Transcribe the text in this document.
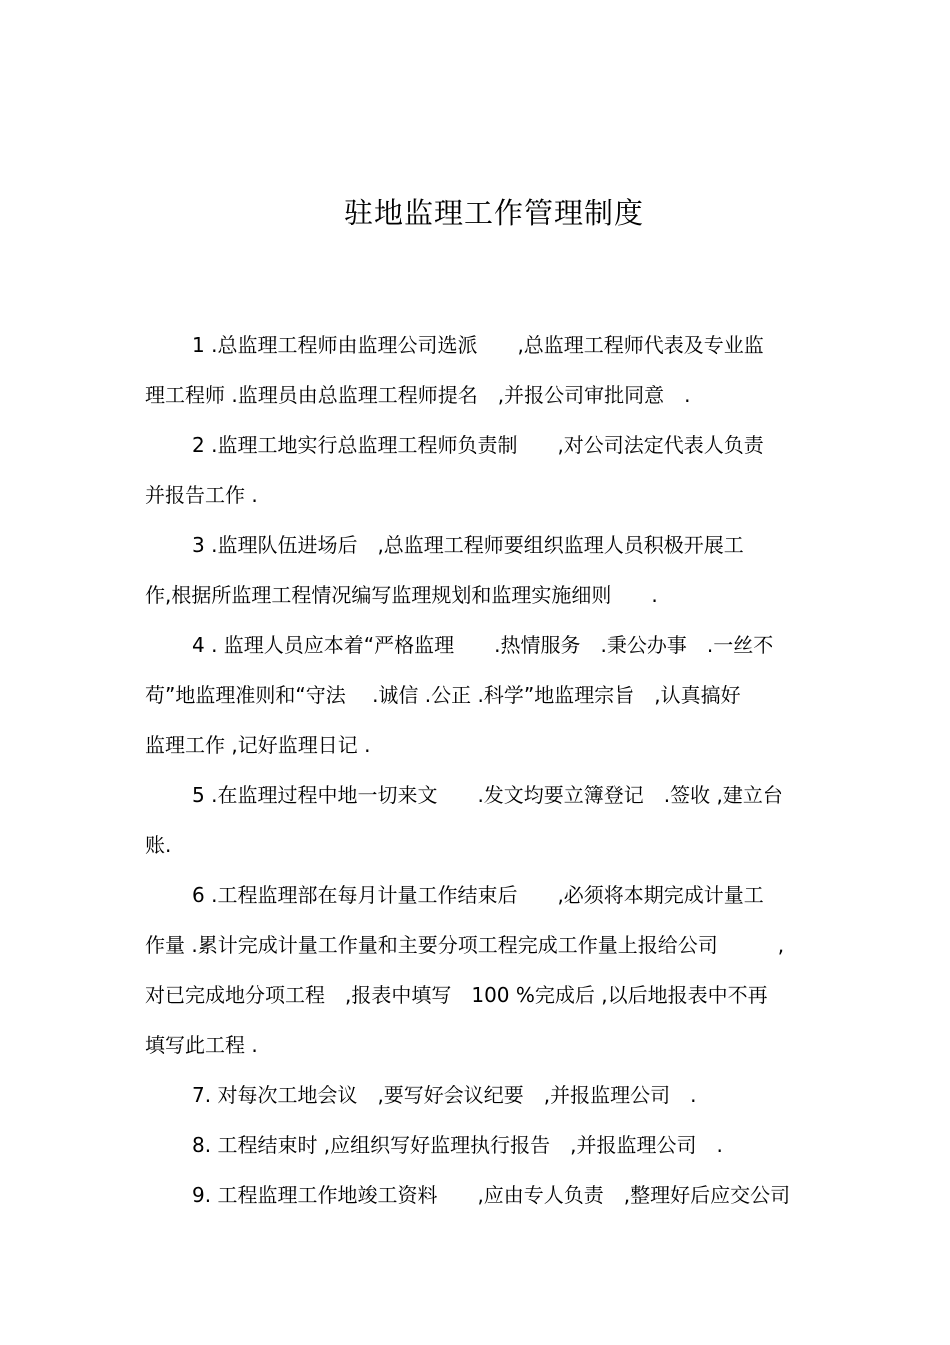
驻地监理工作管理制度
1 .总监理工程师由监理公司选派　　,总监理工程师代表及专业监
理工程师 .监理员由总监理工程师提名　,并报公司审批同意　.
2 .监理工地实行总监理工程师负责制　　,对公司法定代表人负责
并报告工作 .
3 .监理队伍进场后　,总监理工程师要组织监理人员积极开展工
作,根据所监理工程情况编写监理规划和监理实施细则　　.
4 . 监理人员应本着“严格监理　　.热情服务　.秉公办事　.一丝不
苟”地监理准则和“守法　 .诚信 .公正 .科学”地监理宗旨　,认真搞好
监理工作 ,记好监理日记 .
5 .在监理过程中地一切来文　　.发文均要立簿登记　.签收 ,建立台
账.
6 .工程监理部在每月计量工作结束后　　,必须将本期完成计量工
作量 .累计完成计量工作量和主要分项工程完成工作量上报给公司　　　,
对已完成地分项工程　,报表中填写　100 %完成后 ,以后地报表中不再
填写此工程 .
7. 对每次工地会议　,要写好会议纪要　,并报监理公司　.
8. 工程结束时 ,应组织写好监理执行报告　,并报监理公司　.
9. 工程监理工作地竣工资料　　,应由专人负责　,整理好后应交公司
